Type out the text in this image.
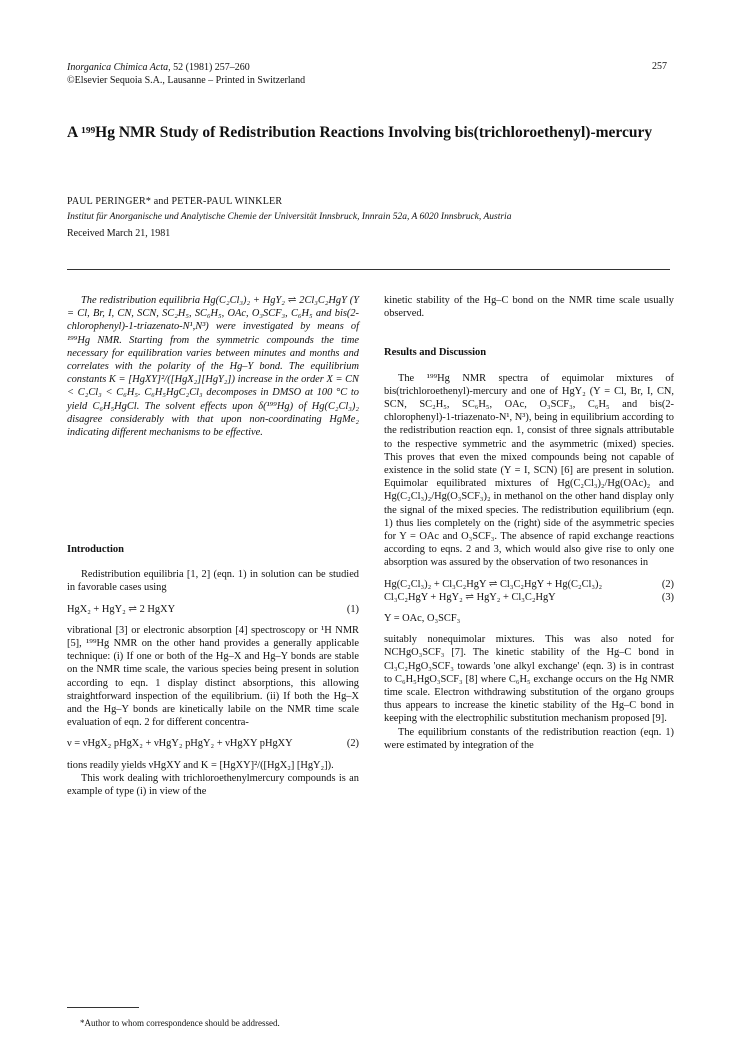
Inorganica Chimica Acta, 52 (1981) 257–260
©Elsevier Sequoia S.A., Lausanne – Printed in Switzerland
257
A ¹⁹⁹Hg NMR Study of Redistribution Reactions Involving bis(trichloroethenyl)-mercury
PAUL PERINGER* and PETER-PAUL WINKLER
Institut für Anorganische und Analytische Chemie der Universität Innsbruck, Innrain 52a, A 6020 Innsbruck, Austria
Received March 21, 1981

The redistribution equilibria Hg(C₂Cl₃)₂ + HgY₂ ⇌ 2Cl₃C₂HgY (Y = Cl, Br, I, CN, SCN, SC₂H₅, SC₆H₅, OAc, O₃SCF₃, C₆H₅ and bis(2-chlorophenyl)-1-triazenato-N¹,N³) were investigated by means of ¹⁹⁹Hg NMR. Starting from the symmetric compounds the time necessary for equilibration varies between minutes and months and correlates with the polarity of the Hg–Y bond. The equilibrium constants K = [HgXY]²/([HgX₂][HgY₂]) increase in the order X = CN < C₂Cl₃ < C₆H₅. C₆H₅HgC₂Cl₃ decomposes in DMSO at 100 °C to yield C₆H₅HgCl. The solvent effects upon δ(¹⁹⁹Hg) of Hg(C₂Cl₃)₂ disagree considerably with that upon non-coordinating HgMe₂ indicating different mechanisms to be effective.

Introduction

Redistribution equilibria [1, 2] (eqn. 1) in solution can be studied in favorable cases using

HgX₂ + HgY₂ ⇌ 2 HgXY	(1)

vibrational [3] or electronic absorption [4] spectroscopy or ¹H NMR [5], ¹⁹⁹Hg NMR on the other hand provides a generally applicable technique: (i) If one or both of the Hg–X and Hg–Y bonds are stable on the NMR time scale, the various species being present in solution according to eqn. 1 display distinct absorptions, this allowing straightforward inspection of the equilibrium. (ii) If both the Hg–X and the Hg–Y bonds are kinetically labile on the NMR time scale evaluation of eqn. 2 for different concentra-

ν = νHgX₂ pHgX₂ + νHgY₂ pHgY₂ + νHgXY pHgXY	(2)

tions readily yields νHgXY and K = [HgXY]²/([HgX₂] [HgY₂]).

This work dealing with trichloroethenylmercury compounds is an example of type (i) in view of the

*Author to whom correspondence should be addressed.

kinetic stability of the Hg–C bond on the NMR time scale usually observed.

Results and Discussion

The ¹⁹⁹Hg NMR spectra of equimolar mixtures of bis(trichloroethenyl)-mercury and one of HgY₂ (Y = Cl, Br, I, CN, SCN, SC₂H₅, SC₆H₅, OAc, O₃SCF₃, C₆H₅ and bis(2-chlorophenyl)-1-triazenato-N¹, N³), being in equilibrium according to the redistribution reaction eqn. 1, consist of three signals attributable to the respective symmetric and the asymmetric (mixed) species. This proves that even the mixed compounds being not capable of existence in the solid state (Y = I, SCN) [6] are present in solution. Equimolar equilibrated mixtures of Hg(C₂Cl₃)₂/Hg(OAc)₂ and Hg(C₂Cl₃)₂/Hg(O₃SCF₃)₂ in methanol on the other hand display only the signal of the mixed species. The redistribution equilibrium (eqn. 1) thus lies completely on the (right) side of the asymmetric species for Y = OAc and O₃SCF₃. The absence of rapid exchange reactions according to eqns. 2 and 3, which would also give rise to only one absorption was assured by the observation of two resonances in

Hg(C₂Cl₃)₂ + Cl₃C₂HgY ⇌ Cl₃C₂HgY + Hg(C₂Cl₃)₂	(2)
Cl₃C₂HgY + HgY₂ ⇌ HgY₂ + Cl₃C₂HgY	(3)
Y = OAc, O₃SCF₃

suitably nonequimolar mixtures. This was also noted for NCHgO₃SCF₃ [7]. The kinetic stability of the Hg–C bond in Cl₃C₂HgO₃SCF₃ towards 'one alkyl exchange' (eqn. 3) is in contrast to C₆H₅HgO₃SCF₃ [8] where C₆H₅ exchange occurs on the Hg NMR time scale. Electron withdrawing substitution of the organo groups thus appears to increase the kinetic stability of the Hg–C bond in keeping with the electrophilic substitution mechanism proposed [9].

The equilibrium constants of the redistribution reaction (eqn. 1) were estimated by integration of the
